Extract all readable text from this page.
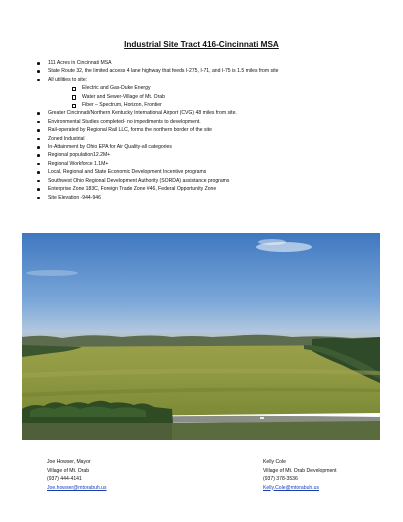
Industrial Site Tract 416-Cincinnati MSA
111 Acres in Cincinnati MSA
State Route 32, the limited access 4 lane highway that feeds I-275, I-71, and I-75 is 1.5 miles from site
All utilities to site:
Electric and Gas-Duke Energy
Water and Sewer-Village of Mt. Orab
Fiber – Spectrum, Horizon, Frontier
Greater Cincinnati/Northern Kentucky International Airport (CVG) 48 miles from site.
Environmental Studies completed- no impediments to development.
Rail-operated by Regional Rail LLC, forms the northern border of the site
Zoned Industrial
In-Attainment by Ohio EPA for Air Quality-all categories
Regional population12.2M+
Regional Workforce 1.1M+
Local, Regional and State Economic Development Incentive programs
Southwest Ohio Regional Development Authority (SORDA) assistance programs
Enterprise Zone 183C, Foreign Trade Zone #46, Federal Opportunity Zone
Site Elevation -944-946
Joe Howser, Mayor
Village of Mt. Orab
(937) 444-4141
Joe.howser@mtorabuh.us
Kelly Cole
Village of Mt. Orab Development
(937) 378-3536
Kelly.Cole@mtorabuh.us
